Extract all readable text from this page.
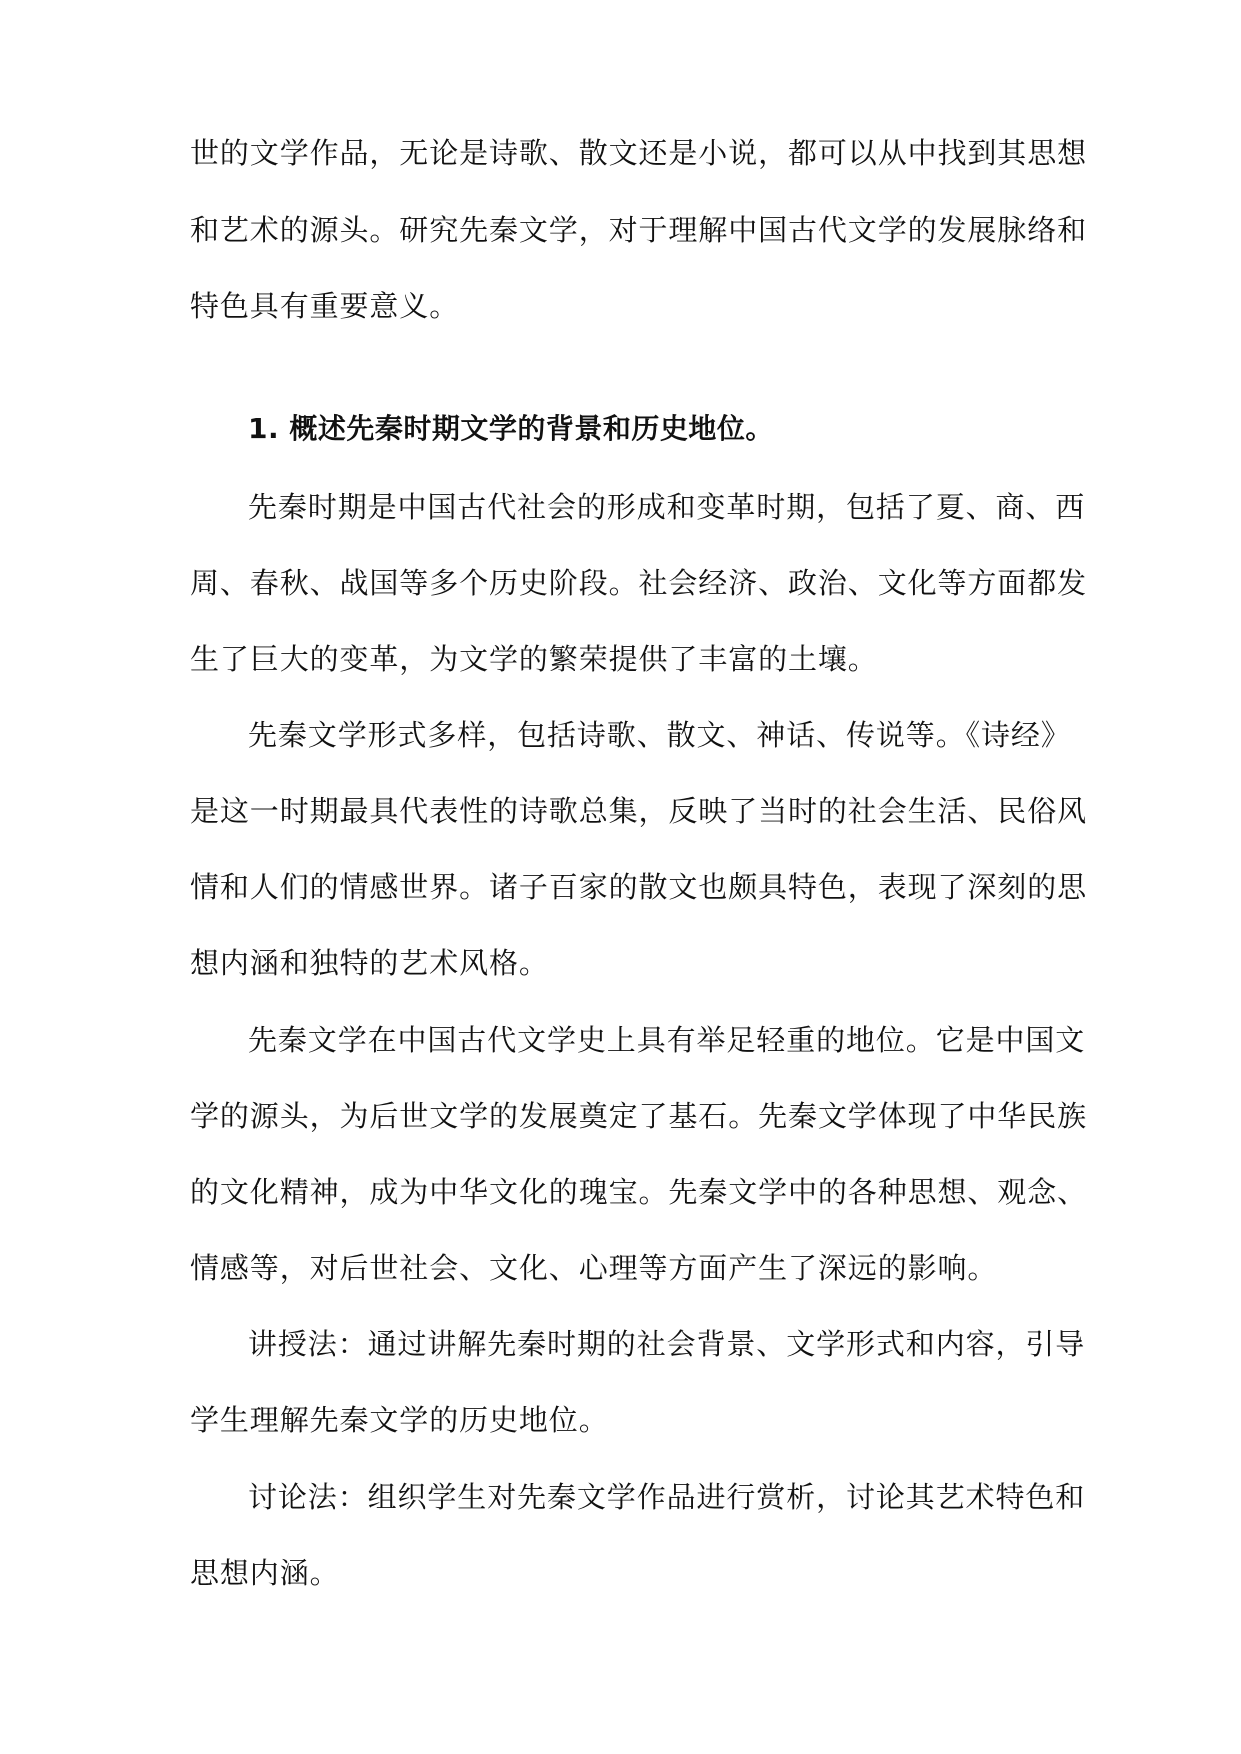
世的文学作品，无论是诗歌、散文还是小说，都可以从中找到其思想
和艺术的源头。研究先秦文学，对于理解中国古代文学的发展脉络和
特色具有重要意义。
1. 概述先秦时期文学的背景和历史地位。
先秦时期是中国古代社会的形成和变革时期，包括了夏、商、西
周、春秋、战国等多个历史阶段。社会经济、政治、文化等方面都发
生了巨大的变革，为文学的繁荣提供了丰富的土壤。
先秦文学形式多样，包括诗歌、散文、神话、传说等。《诗经》
是这一时期最具代表性的诗歌总集，反映了当时的社会生活、民俗风
情和人们的情感世界。诸子百家的散文也颇具特色，表现了深刻的思
想内涵和独特的艺术风格。
先秦文学在中国古代文学史上具有举足轻重的地位。它是中国文
学的源头，为后世文学的发展奠定了基石。先秦文学体现了中华民族
的文化精神，成为中华文化的瑰宝。先秦文学中的各种思想、观念、
情感等，对后世社会、文化、心理等方面产生了深远的影响。
讲授法：通过讲解先秦时期的社会背景、文学形式和内容，引导
学生理解先秦文学的历史地位。
讨论法：组织学生对先秦文学作品进行赏析，讨论其艺术特色和
思想内涵。
